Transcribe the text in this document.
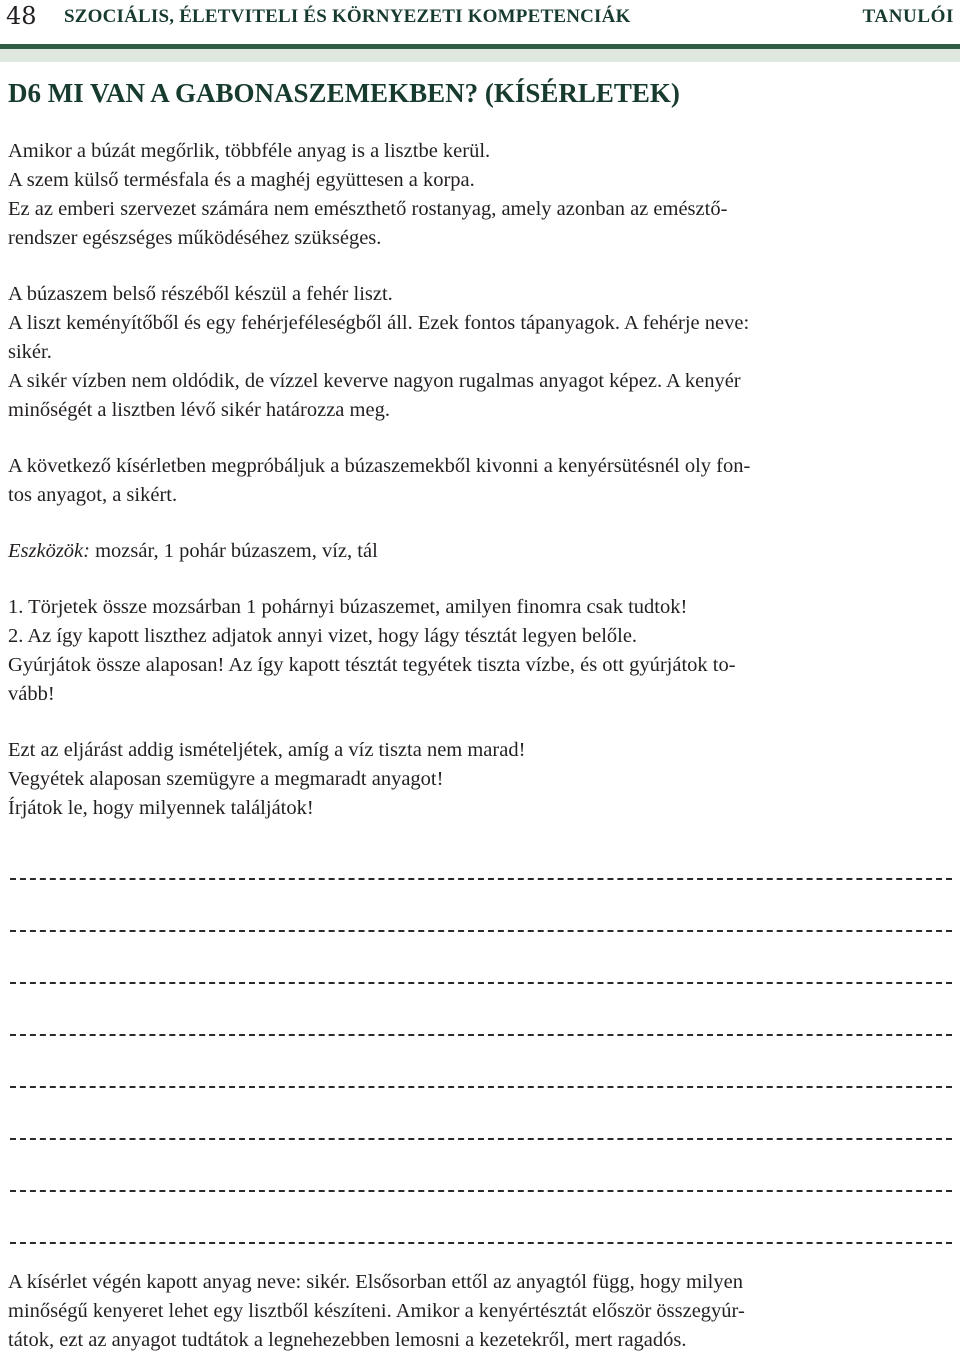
48 SZOCIÁLIS, ÉLETVITELI ÉS KÖRNYEZETI KOMPETENCIÁK	TANULÓI
D6 MI VAN A GABONASZEMEKBEN? (KÍSÉRLETEK)
Amikor a búzát megőrlik, többféle anyag is a lisztbe kerül.
A szem külső termésfala és a maghéj együttesen a korpa.
Ez az emberi szervezet számára nem emészthető rostanyag, amely azonban az emésztő-
rendszer egészséges működéséhez szükséges.
A búzaszem belső részéből készül a fehér liszt.
A liszt keményítőből és egy fehérjeféleségből áll. Ezek fontos tápanyagok. A fehérje neve:
sikér.
A sikér vízben nem oldódik, de vízzel keverve nagyon rugalmas anyagot képez. A kenyér
minőségét a lisztben lévő sikér határozza meg.
A következő kísérletben megpróbáljuk a búzaszemekből kivonni a kenyérsütésnél oly fon-
tos anyagot, a sikért.
Eszközök: mozsár, 1 pohár búzaszem, víz, tál
1. Törjetek össze mozsárban 1 pohárnyi búzaszemet, amilyen finomra csak tudtok!
2. Az így kapott liszthez adjatok annyi vizet, hogy lágy tésztát legyen belőle.
Gyúrjátok össze alaposan! Az így kapott tésztát tegyétek tiszta vízbe, és ott gyúrjátok to-
vább!
Ezt az eljárást addig ismételjétek, amíg a víz tiszta nem marad!
Vegyétek alaposan szemügyre a megmaradt anyagot!
Írjátok le, hogy milyennek találjátok!
A kísérlet végén kapott anyag neve: sikér. Elsősorban ettől az anyagtól függ, hogy milyen
minőségű kenyeret lehet egy lisztből készíteni. Amikor a kenyértésztát először összegyúr-
tátok, ezt az anyagot tudtátok a legnehezebben lemosni a kezetekről, mert ragadós.
